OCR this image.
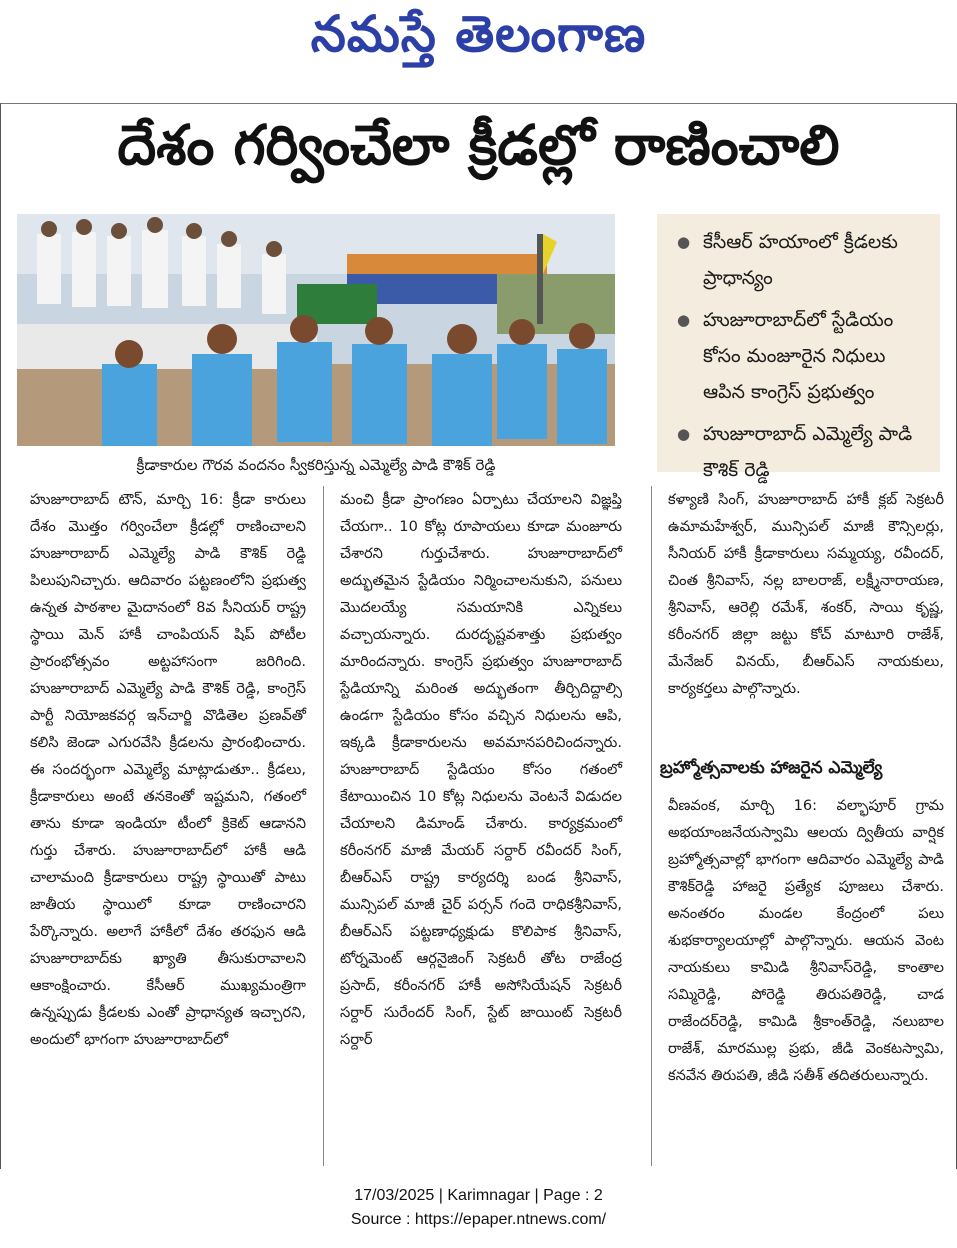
నమస్తే తెలంగాణ
దేశం గర్వించేలా క్రీడల్లో రాణించాలి
క్రీడాకారుల గౌరవ వందనం స్వీకరిస్తున్న ఎమ్మెల్యే పాడి కౌశిక్ రెడ్డి
● కేసీఆర్ హయాంలో క్రీడలకు ప్రాధాన్యం
● హుజూరాబాద్‌లో స్టేడియం కోసం మంజూరైన నిధులు ఆపిన కాంగ్రెస్ ప్రభుత్వం
● హుజూరాబాద్ ఎమ్మెల్యే పాడి కౌశిక్ రెడ్డి
హుజూరాబాద్ టౌన్, మార్చి 16: క్రీడా కారులు దేశం మొత్తం గర్వించేలా క్రీడల్లో రాణించాలని హుజూరాబాద్ ఎమ్మెల్యే పాడి కౌశిక్ రెడ్డి పిలుపునిచ్చారు. ఆదివారం పట్టణంలోని ప్రభుత్వ ఉన్నత పాఠశాల మైదానంలో 8వ సీనియర్ రాష్ట్ర స్థాయి మెన్ హాకీ చాంపియన్ షిప్ పోటీల ప్రారంభోత్సవం అట్టహాసంగా జరిగింది. హుజూరాబాద్ ఎమ్మెల్యే పాడి కౌశిక్ రెడ్డి, కాంగ్రెస్ పార్టీ నియోజకవర్గ ఇన్‌చార్జి వొడితెల ప్రణవ్‌తో కలిసి జెండా ఎగురవేసి క్రీడలను ప్రారంభించారు. ఈ సందర్భంగా ఎమ్మెల్యే మాట్లాడుతూ.. క్రీడలు, క్రీడాకారులు అంటే తనకెంతో ఇష్టమని, గతంలో తాను కూడా ఇండియా టీంలో క్రికెట్ ఆడానని గుర్తు చేశారు. హుజూరాబాద్‌లో హాకీ ఆడి చాలామంది క్రీడాకారులు రాష్ట్ర స్థాయితో పాటు జాతీయ స్థాయిలో కూడా రాణించారని పేర్కొన్నారు. అలాగే హాకీలో దేశం తరఫున ఆడి హుజూరాబాద్‌కు ఖ్యాతి తీసుకురావాలని ఆకాంక్షించారు. కేసీఆర్ ముఖ్యమంత్రిగా ఉన్నప్పుడు క్రీడలకు ఎంతో ప్రాధాన్యత ఇచ్చారని, అందులో భాగంగా హుజూరాబాద్‌లో
మంచి క్రీడా ప్రాంగణం ఏర్పాటు చేయాలని విజ్ఞప్తి చేయగా.. 10 కోట్ల రూపాయలు కూడా మంజూరు చేశారని గుర్తుచేశారు. హుజూరాబాద్‌లో అద్భుతమైన స్టేడియం నిర్మించాలనుకుని, పనులు మొదలయ్యే సమయానికి ఎన్నికలు వచ్చాయన్నారు. దురదృష్టవశాత్తు ప్రభుత్వం మారిందన్నారు. కాంగ్రెస్ ప్రభుత్వం హుజూరాబాద్ స్టేడియాన్ని మరింత అద్భుతంగా తీర్చిదిద్దాల్సి ఉండగా స్టేడియం కోసం వచ్చిన నిధులను ఆపి, ఇక్కడి క్రీడాకారులను అవమానపరిచిందన్నారు. హుజూరాబాద్ స్టేడియం కోసం గతంలో కేటాయించిన 10 కోట్ల నిధులను వెంటనే విడుదల చేయాలని డిమాండ్ చేశారు. కార్యక్రమంలో కరీంనగర్ మాజీ మేయర్ సర్దార్ రవీందర్ సింగ్, బీఆర్ఎస్ రాష్ట్ర కార్యదర్శి బండ శ్రీనివాస్, మున్సిపల్ మాజీ చైర్ పర్సన్ గందె రాధికశ్రీనివాస్, బీఆర్ఎస్ పట్టణాధ్యక్షుడు కొలిపాక శ్రీనివాస్, టోర్నమెంట్ ఆర్గనైజింగ్ సెక్రటరీ తోట రాజేంద్ర ప్రసాద్, కరీంనగర్ హాకీ అసోసియేషన్ సెక్రటరీ సర్దార్ సురేందర్ సింగ్, స్టేట్ జాయింట్ సెక్రటరీ సర్దార్
కళ్యాణి సింగ్, హుజూరాబాద్ హాకీ క్లబ్ సెక్రటరీ ఉమామహేశ్వర్, మున్సిపల్ మాజీ కౌన్సిలర్లు, సీనియర్ హాకీ క్రీడాకారులు సమ్మయ్య, రవీందర్, చింత శ్రీనివాస్, నల్ల బాలరాజ్, లక్ష్మీనారాయణ, శ్రీనివాస్, ఆరెల్లి రమేశ్, శంకర్, సాయి కృష్ణ, కరీంనగర్ జిల్లా జట్టు కోచ్ మాటూరి రాజేశ్, మేనేజర్ వినయ్, బీఆర్ఎస్ నాయకులు, కార్యకర్తలు పాల్గొన్నారు.
బ్రహ్మోత్సవాలకు హాజరైన ఎమ్మెల్యే
వీణవంక, మార్చి 16: వల్భాపూర్ గ్రామ అభయాంజనేయస్వామి ఆలయ ద్వితీయ వార్షిక బ్రహ్మోత్సవాల్లో భాగంగా ఆదివారం ఎమ్మెల్యే పాడి కౌశిక్‌రెడ్డి హాజరై ప్రత్యేక పూజలు చేశారు. అనంతరం మండల కేంద్రంలో పలు శుభకార్యాలయాల్లో పాల్గొన్నారు. ఆయన వెంట నాయకులు కామిడి శ్రీనివాస్‌రెడ్డి, కాంతాల సమ్మిరెడ్డి, పోరెడ్డి తిరుపతిరెడ్డి, చాడ రాజేందర్‌రెడ్డి, కామిడి శ్రీకాంత్‌రెడ్డి, నలుబాల రాజేశ్, మారముల్ల ప్రభు, జీడి వెంకటస్వామి, కనవేన తిరుపతి, జీడి సతీశ్ తదితరులున్నారు.
17/03/2025 | Karimnagar | Page : 2
Source : https://epaper.ntnews.com/
